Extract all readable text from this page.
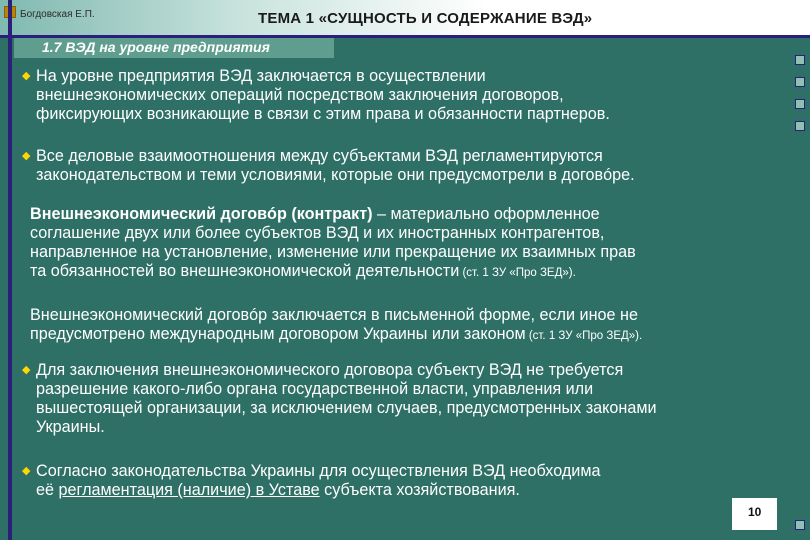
Богдовская Е.П.	ТЕМА 1 «СУЩНОСТЬ И СОДЕРЖАНИЕ ВЭД»
1.7 ВЭД на уровне предприятия
◆ На уровне предприятия ВЭД заключается в осуществлении
внешнеэкономических операций посредством заключения договоров,
фиксирующих возникающие в связи с этим права и обязанности партнеров.
◆ Все деловые взаимоотношения между субъектами ВЭД регламентируются
законодательством и теми условиями, которые они предусмотрели в договóре.
Внешнеэкономический договóр (контракт) – материально оформленное
соглашение двух или более субъектов ВЭД и их иностранных контрагентов,
направленное на установление, изменение или прекращение их взаимных прав
та обязанностей во внешнеэкономической деятельности (ст. 1 ЗУ «Про ЗЕД»).
Внешнеэкономический договóр заключается в письменной форме, если иное не
предусмотрено международным договором Украины или законом (ст. 1 ЗУ «Про ЗЕД»).
◆ Для заключения внешнеэкономического договора субъекту ВЭД не требуется
разрешение какого-либо органа государственной власти, управления или
вышестоящей организации, за исключением случаев, предусмотренных законами
Украины.
◆ Согласно законодательства Украины для осуществления ВЭД необходима
её регламентация (наличие) в Уставе субъекта хозяйствования.
10
